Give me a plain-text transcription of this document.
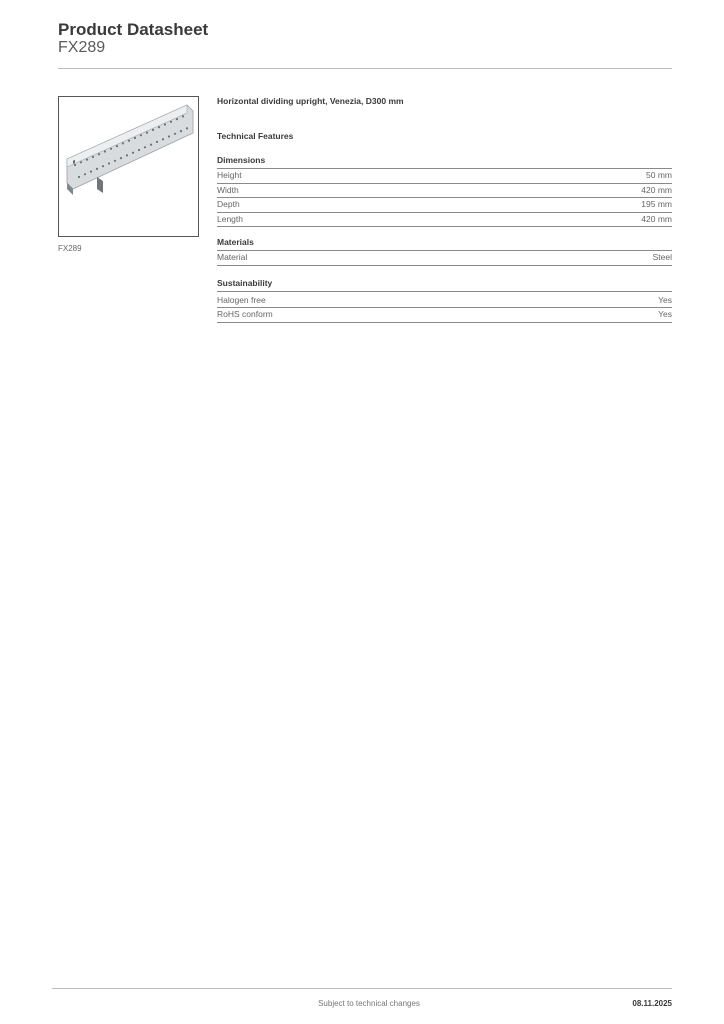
Product Datasheet
FX289
FX289
Horizontal dividing upright, Venezia, D300 mm
Technical Features
Dimensions
Height	50 mm
Width	420 mm
Depth	195 mm
Length	420 mm
Materials
Material	Steel
Sustainability
Halogen free	Yes
RoHS conform	Yes
Subject to technical changes	08.11.2025
